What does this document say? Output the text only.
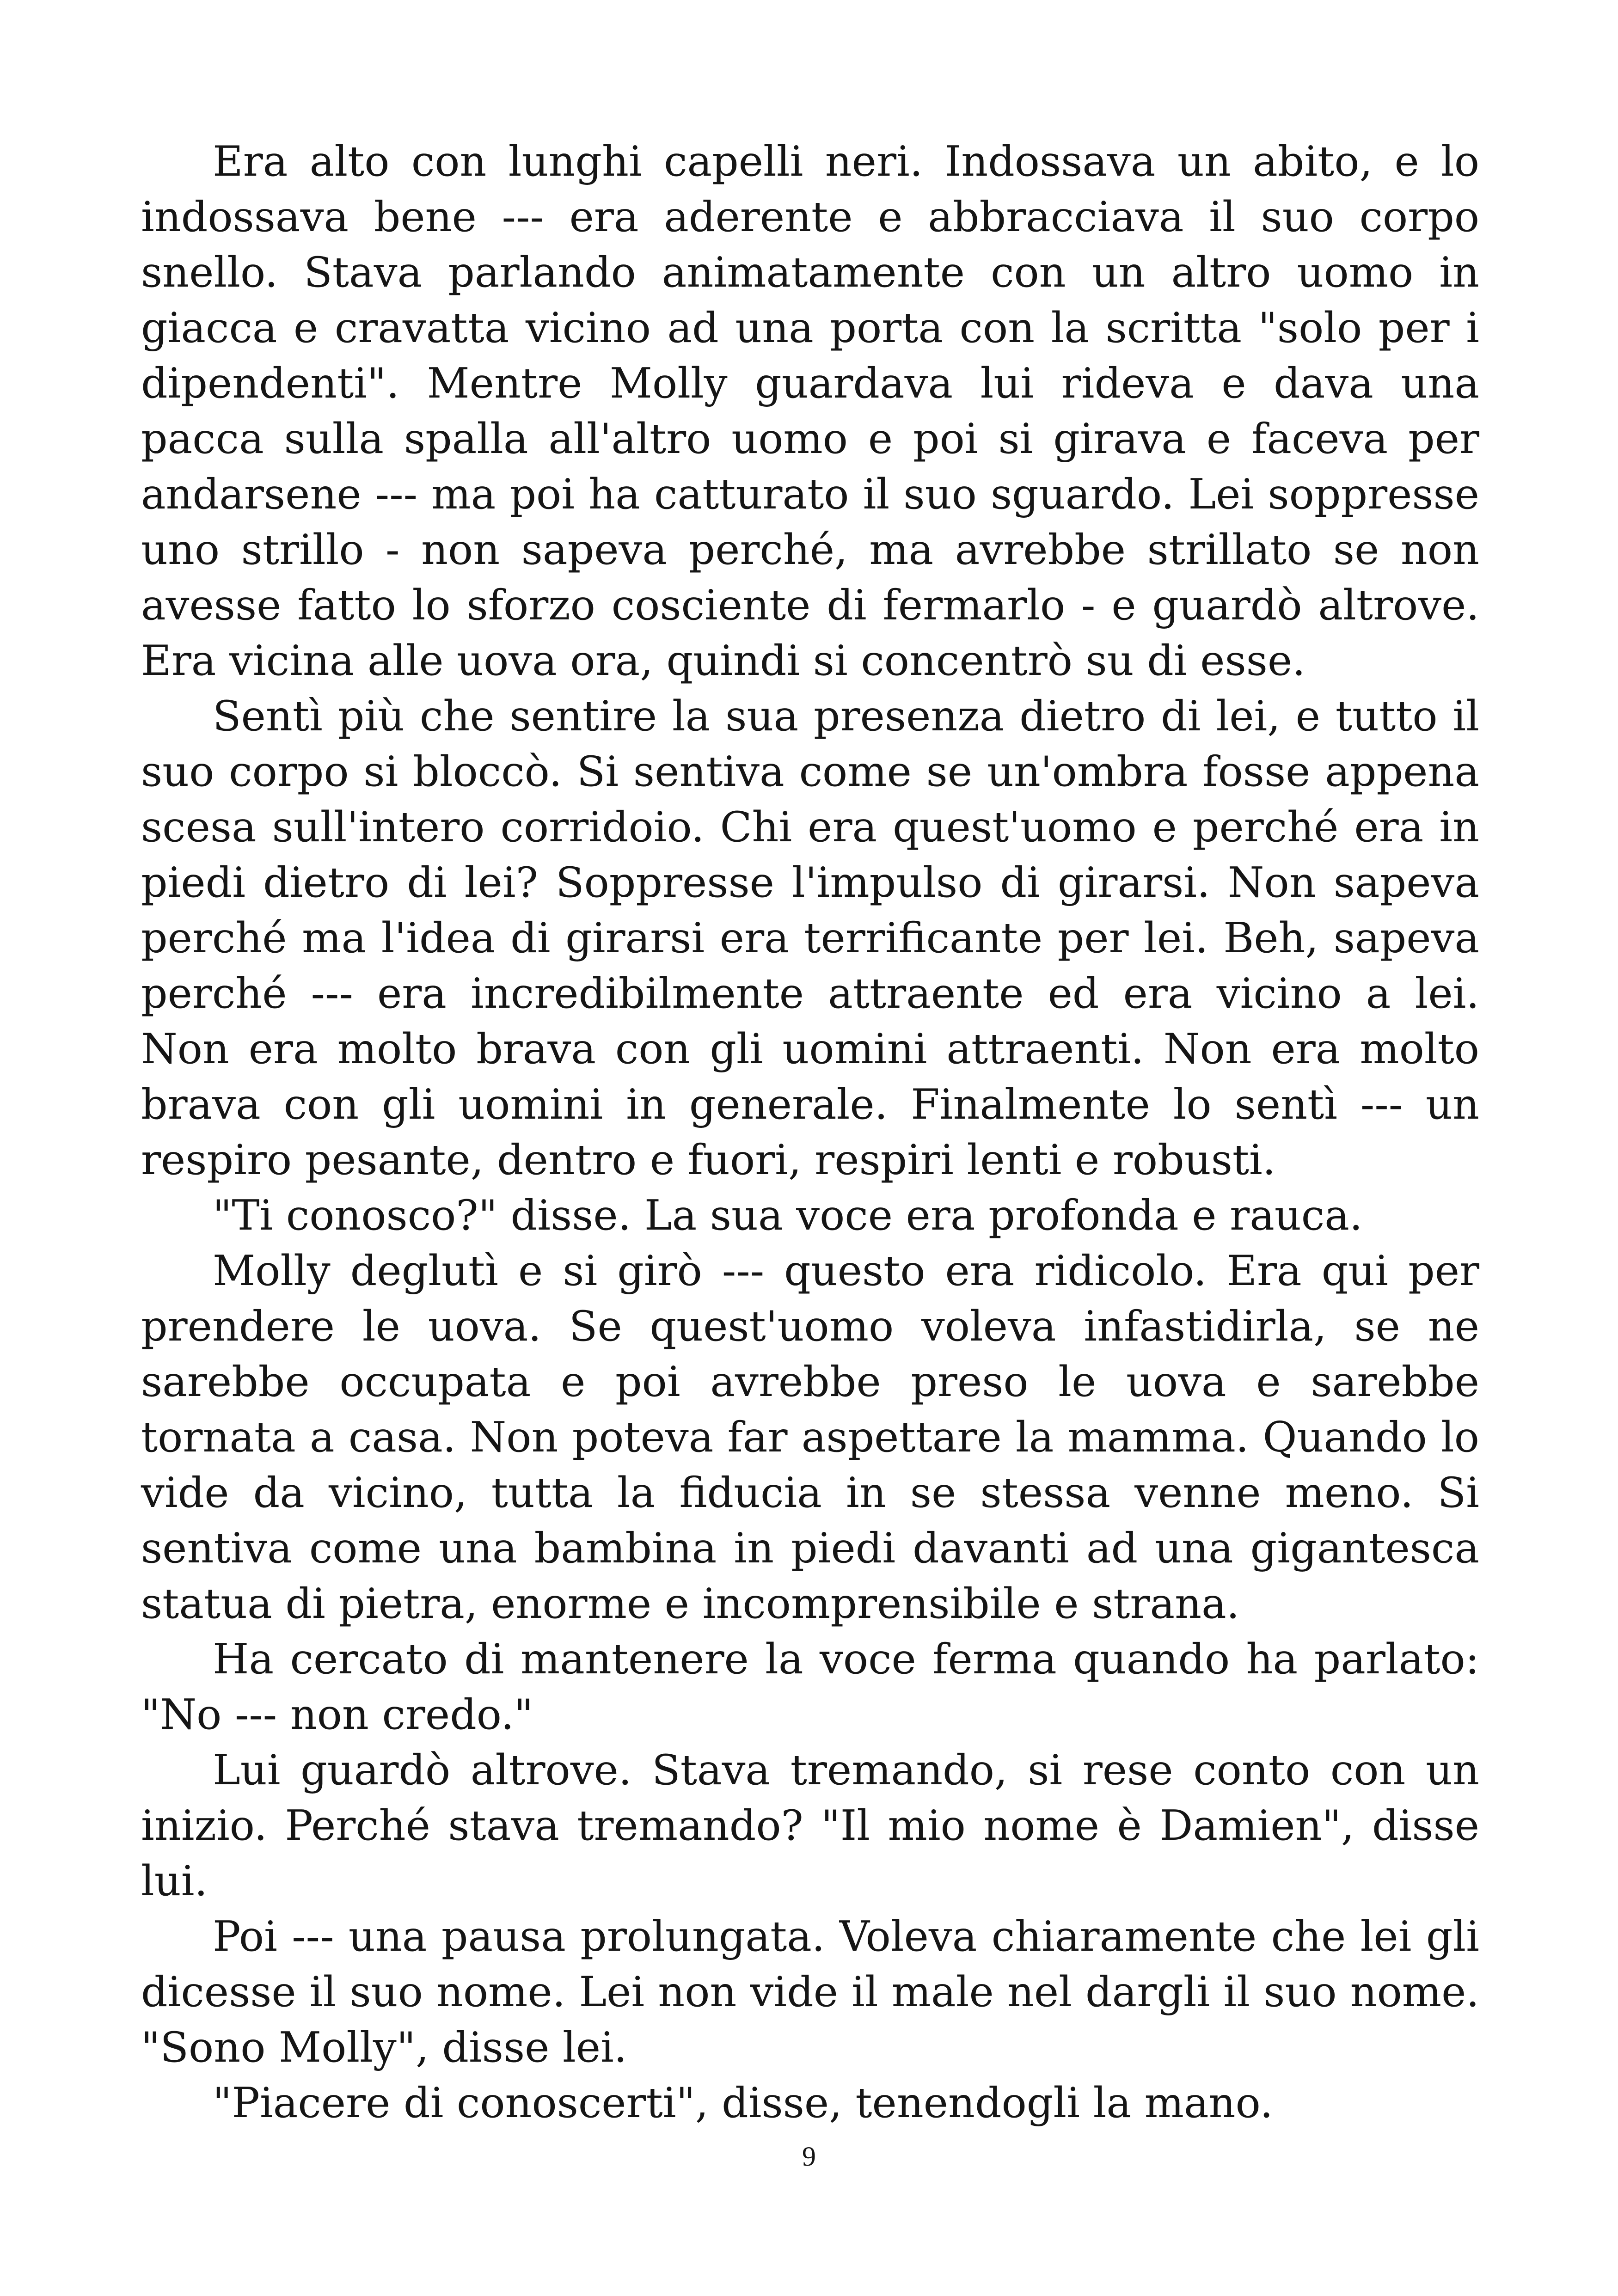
Era alto con lunghi capelli neri. Indossava un abito, e lo indossava bene --- era aderente e abbracciava il suo corpo snello. Stava parlando animatamente con un altro uomo in giacca e cravatta vicino ad una porta con la scritta "solo per i dipendenti". Mentre Molly guardava lui rideva e dava una pacca sulla spalla all'altro uomo e poi si girava e faceva per andarsene --- ma poi ha catturato il suo sguardo. Lei soppresse uno strillo - non sapeva perché, ma avrebbe strillato se non avesse fatto lo sforzo cosciente di fermarlo - e guardò altrove. Era vicina alle uova ora, quindi si concentrò su di esse.

Sentì più che sentire la sua presenza dietro di lei, e tutto il suo corpo si bloccò. Si sentiva come se un'ombra fosse appena scesa sull'intero corridoio. Chi era quest'uomo e perché era in piedi dietro di lei? Soppresse l'impulso di girarsi. Non sapeva perché ma l'idea di girarsi era terrificante per lei. Beh, sapeva perché --- era incredibilmente attraente ed era vicino a lei. Non era molto brava con gli uomini attraenti. Non era molto brava con gli uomini in generale. Finalmente lo sentì --- un respiro pesante, dentro e fuori, respiri lenti e robusti.

"Ti conosco?" disse. La sua voce era profonda e rauca.

Molly deglutì e si girò --- questo era ridicolo. Era qui per prendere le uova. Se quest'uomo voleva infastidirla, se ne sarebbe occupata e poi avrebbe preso le uova e sarebbe tornata a casa. Non poteva far aspettare la mamma. Quando lo vide da vicino, tutta la fiducia in se stessa venne meno. Si sentiva come una bambina in piedi davanti ad una gigantesca statua di pietra, enorme e incomprensibile e strana.

Ha cercato di mantenere la voce ferma quando ha parlato: "No --- non credo."

Lui guardò altrove. Stava tremando, si rese conto con un inizio. Perché stava tremando? "Il mio nome è Damien", disse lui.

Poi --- una pausa prolungata. Voleva chiaramente che lei gli dicesse il suo nome. Lei non vide il male nel dargli il suo nome. "Sono Molly", disse lei.

"Piacere di conoscerti", disse, tenendogli la mano.

9
